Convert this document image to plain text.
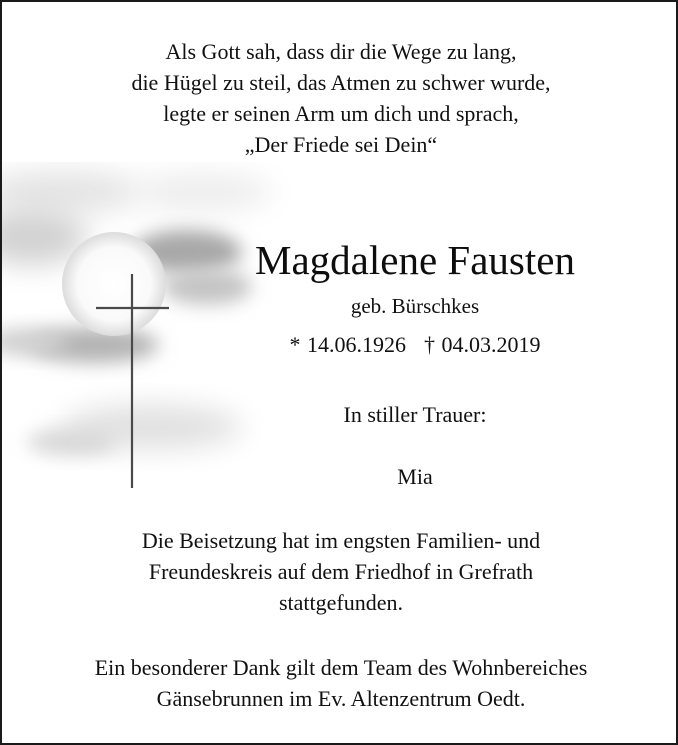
Als Gott sah, dass dir die Wege zu lang,
die Hügel zu steil, das Atmen zu schwer wurde,
legte er seinen Arm um dich und sprach,
„Der Friede sei Dein“
Magdalene Fausten
geb. Bürschkes
* 14.06.1926 † 04.03.2019
In stiller Trauer:
Mia
Die Beisetzung hat im engsten Familien- und
Freundeskreis auf dem Friedhof in Grefrath
stattgefunden.
Ein besonderer Dank gilt dem Team des Wohnbereiches
Gänsebrunnen im Ev. Altenzentrum Oedt.
